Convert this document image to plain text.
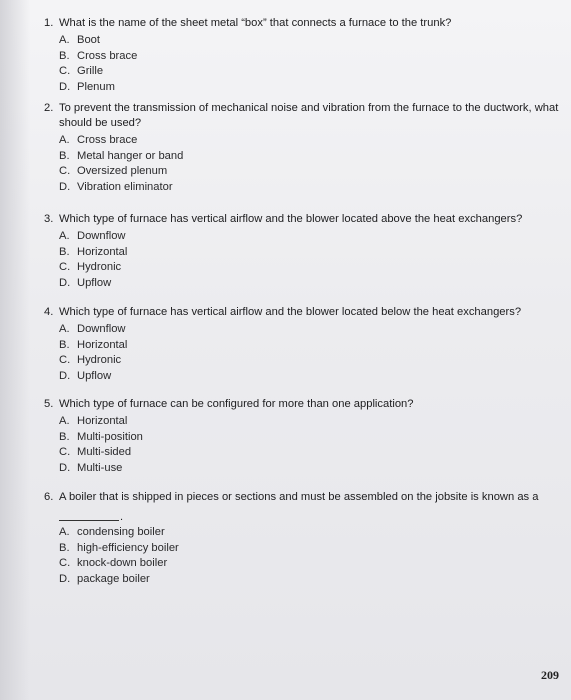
1. What is the name of the sheet metal “box” that connects a furnace to the trunk?
A. Boot
B. Cross brace
C. Grille
D. Plenum
2. To prevent the transmission of mechanical noise and vibration from the furnace to the ductwork, what should be used?
A. Cross brace
B. Metal hanger or band
C. Oversized plenum
D. Vibration eliminator
3. Which type of furnace has vertical airflow and the blower located above the heat exchangers?
A. Downflow
B. Horizontal
C. Hydronic
D. Upflow
4. Which type of furnace has vertical airflow and the blower located below the heat exchangers?
A. Downflow
B. Horizontal
C. Hydronic
D. Upflow
5. Which type of furnace can be configured for more than one application?
A. Horizontal
B. Multi-position
C. Multi-sided
D. Multi-use
6. A boiler that is shipped in pieces or sections and must be assembled on the jobsite is known as a
.
A. condensing boiler
B. high-efficiency boiler
C. knock-down boiler
D. package boiler
209
